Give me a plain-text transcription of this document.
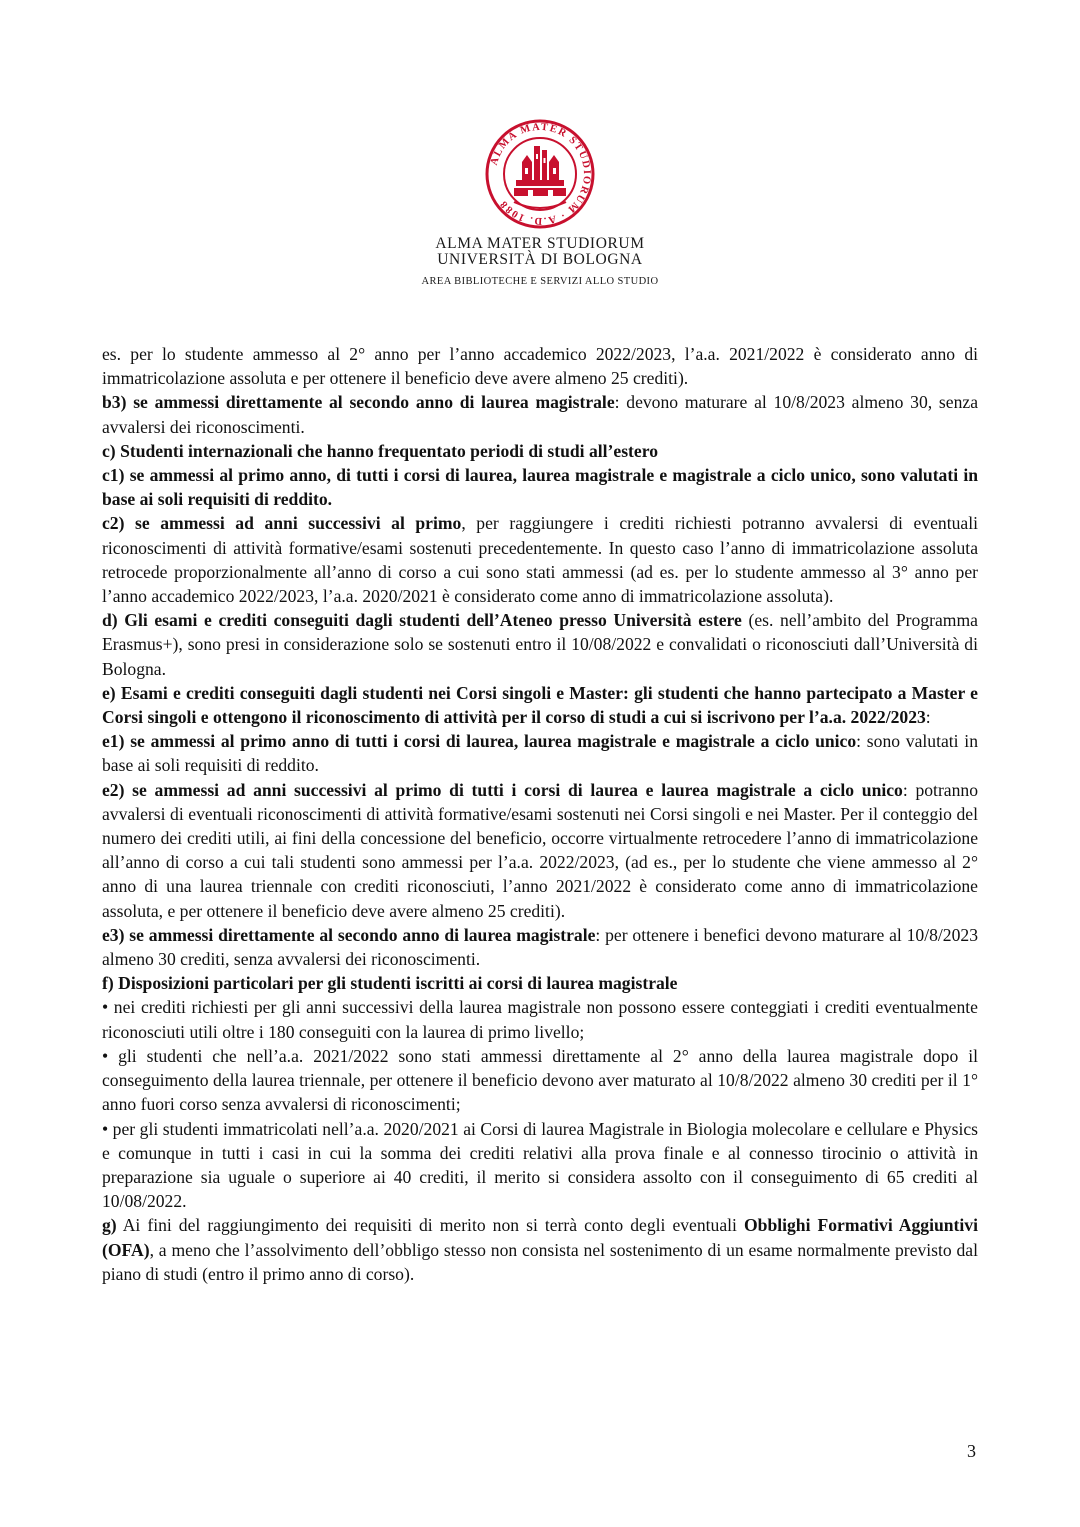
ALMA MATER STUDIORUM · A.D. 1088
ALMA MATER STUDIORUM
UNIVERSITÀ DI BOLOGNA
AREA BIBLIOTECHE E SERVIZI ALLO STUDIO

es. per lo studente ammesso al 2° anno per l’anno accademico 2022/2023, l’a.a. 2021/2022 è considerato anno di immatricolazione assoluta e per ottenere il beneficio deve avere almeno 25 crediti).

b3) se ammessi direttamente al secondo anno di laurea magistrale: devono maturare al 10/8/2023 almeno 30, senza avvalersi dei riconoscimenti.

c) Studenti internazionali che hanno frequentato periodi di studi all’estero

c1) se ammessi al primo anno, di tutti i corsi di laurea, laurea magistrale e magistrale a ciclo unico, sono valutati in base ai soli requisiti di reddito.

c2) se ammessi ad anni successivi al primo, per raggiungere i crediti richiesti potranno avvalersi di eventuali riconoscimenti di attività formative/esami sostenuti precedentemente. In questo caso l’anno di immatricolazione assoluta retrocede proporzionalmente all’anno di corso a cui sono stati ammessi (ad es. per lo studente ammesso al 3° anno per l’anno accademico 2022/2023, l’a.a. 2020/2021 è considerato come anno di immatricolazione assoluta).

d) Gli esami e crediti conseguiti dagli studenti dell’Ateneo presso Università estere (es. nell’ambito del Programma Erasmus+), sono presi in considerazione solo se sostenuti entro il 10/08/2022 e convalidati o riconosciuti dall’Università di Bologna.

e) Esami e crediti conseguiti dagli studenti nei Corsi singoli e Master: gli studenti che hanno partecipato a Master e Corsi singoli e ottengono il riconoscimento di attività per il corso di studi a cui si iscrivono per l’a.a. 2022/2023:

e1) se ammessi al primo anno di tutti i corsi di laurea, laurea magistrale e magistrale a ciclo unico: sono valutati in base ai soli requisiti di reddito.

e2) se ammessi ad anni successivi al primo di tutti i corsi di laurea e laurea magistrale a ciclo unico: potranno avvalersi di eventuali riconoscimenti di attività formative/esami sostenuti nei Corsi singoli e nei Master. Per il conteggio del numero dei crediti utili, ai fini della concessione del beneficio, occorre virtualmente retrocedere l’anno di immatricolazione all’anno di corso a cui tali studenti sono ammessi per l’a.a. 2022/2023, (ad es., per lo studente che viene ammesso al 2° anno di una laurea triennale con crediti riconosciuti, l’anno 2021/2022 è considerato come anno di immatricolazione assoluta, e per ottenere il beneficio deve avere almeno 25 crediti).

e3) se ammessi direttamente al secondo anno di laurea magistrale: per ottenere i benefici devono maturare al 10/8/2023 almeno 30 crediti, senza avvalersi dei riconoscimenti.

f) Disposizioni particolari per gli studenti iscritti ai corsi di laurea magistrale

• nei crediti richiesti per gli anni successivi della laurea magistrale non possono essere conteggiati i crediti eventualmente riconosciuti utili oltre i 180 conseguiti con la laurea di primo livello;

• gli studenti che nell’a.a. 2021/2022 sono stati ammessi direttamente al 2° anno della laurea magistrale dopo il conseguimento della laurea triennale, per ottenere il beneficio devono aver maturato al 10/8/2022 almeno 30 crediti per il 1° anno fuori corso senza avvalersi di riconoscimenti;

• per gli studenti immatricolati nell’a.a. 2020/2021 ai Corsi di laurea Magistrale in Biologia molecolare e cellulare e Physics e comunque in tutti i casi in cui la somma dei crediti relativi alla prova finale e al connesso tirocinio o attività in preparazione sia uguale o superiore ai 40 crediti, il merito si considera assolto con il conseguimento di 65 crediti al 10/08/2022.

g) Ai fini del raggiungimento dei requisiti di merito non si terrà conto degli eventuali Obblighi Formativi Aggiuntivi (OFA), a meno che l’assolvimento dell’obbligo stesso non consista nel sostenimento di un esame normalmente previsto dal piano di studi (entro il primo anno di corso).

3
